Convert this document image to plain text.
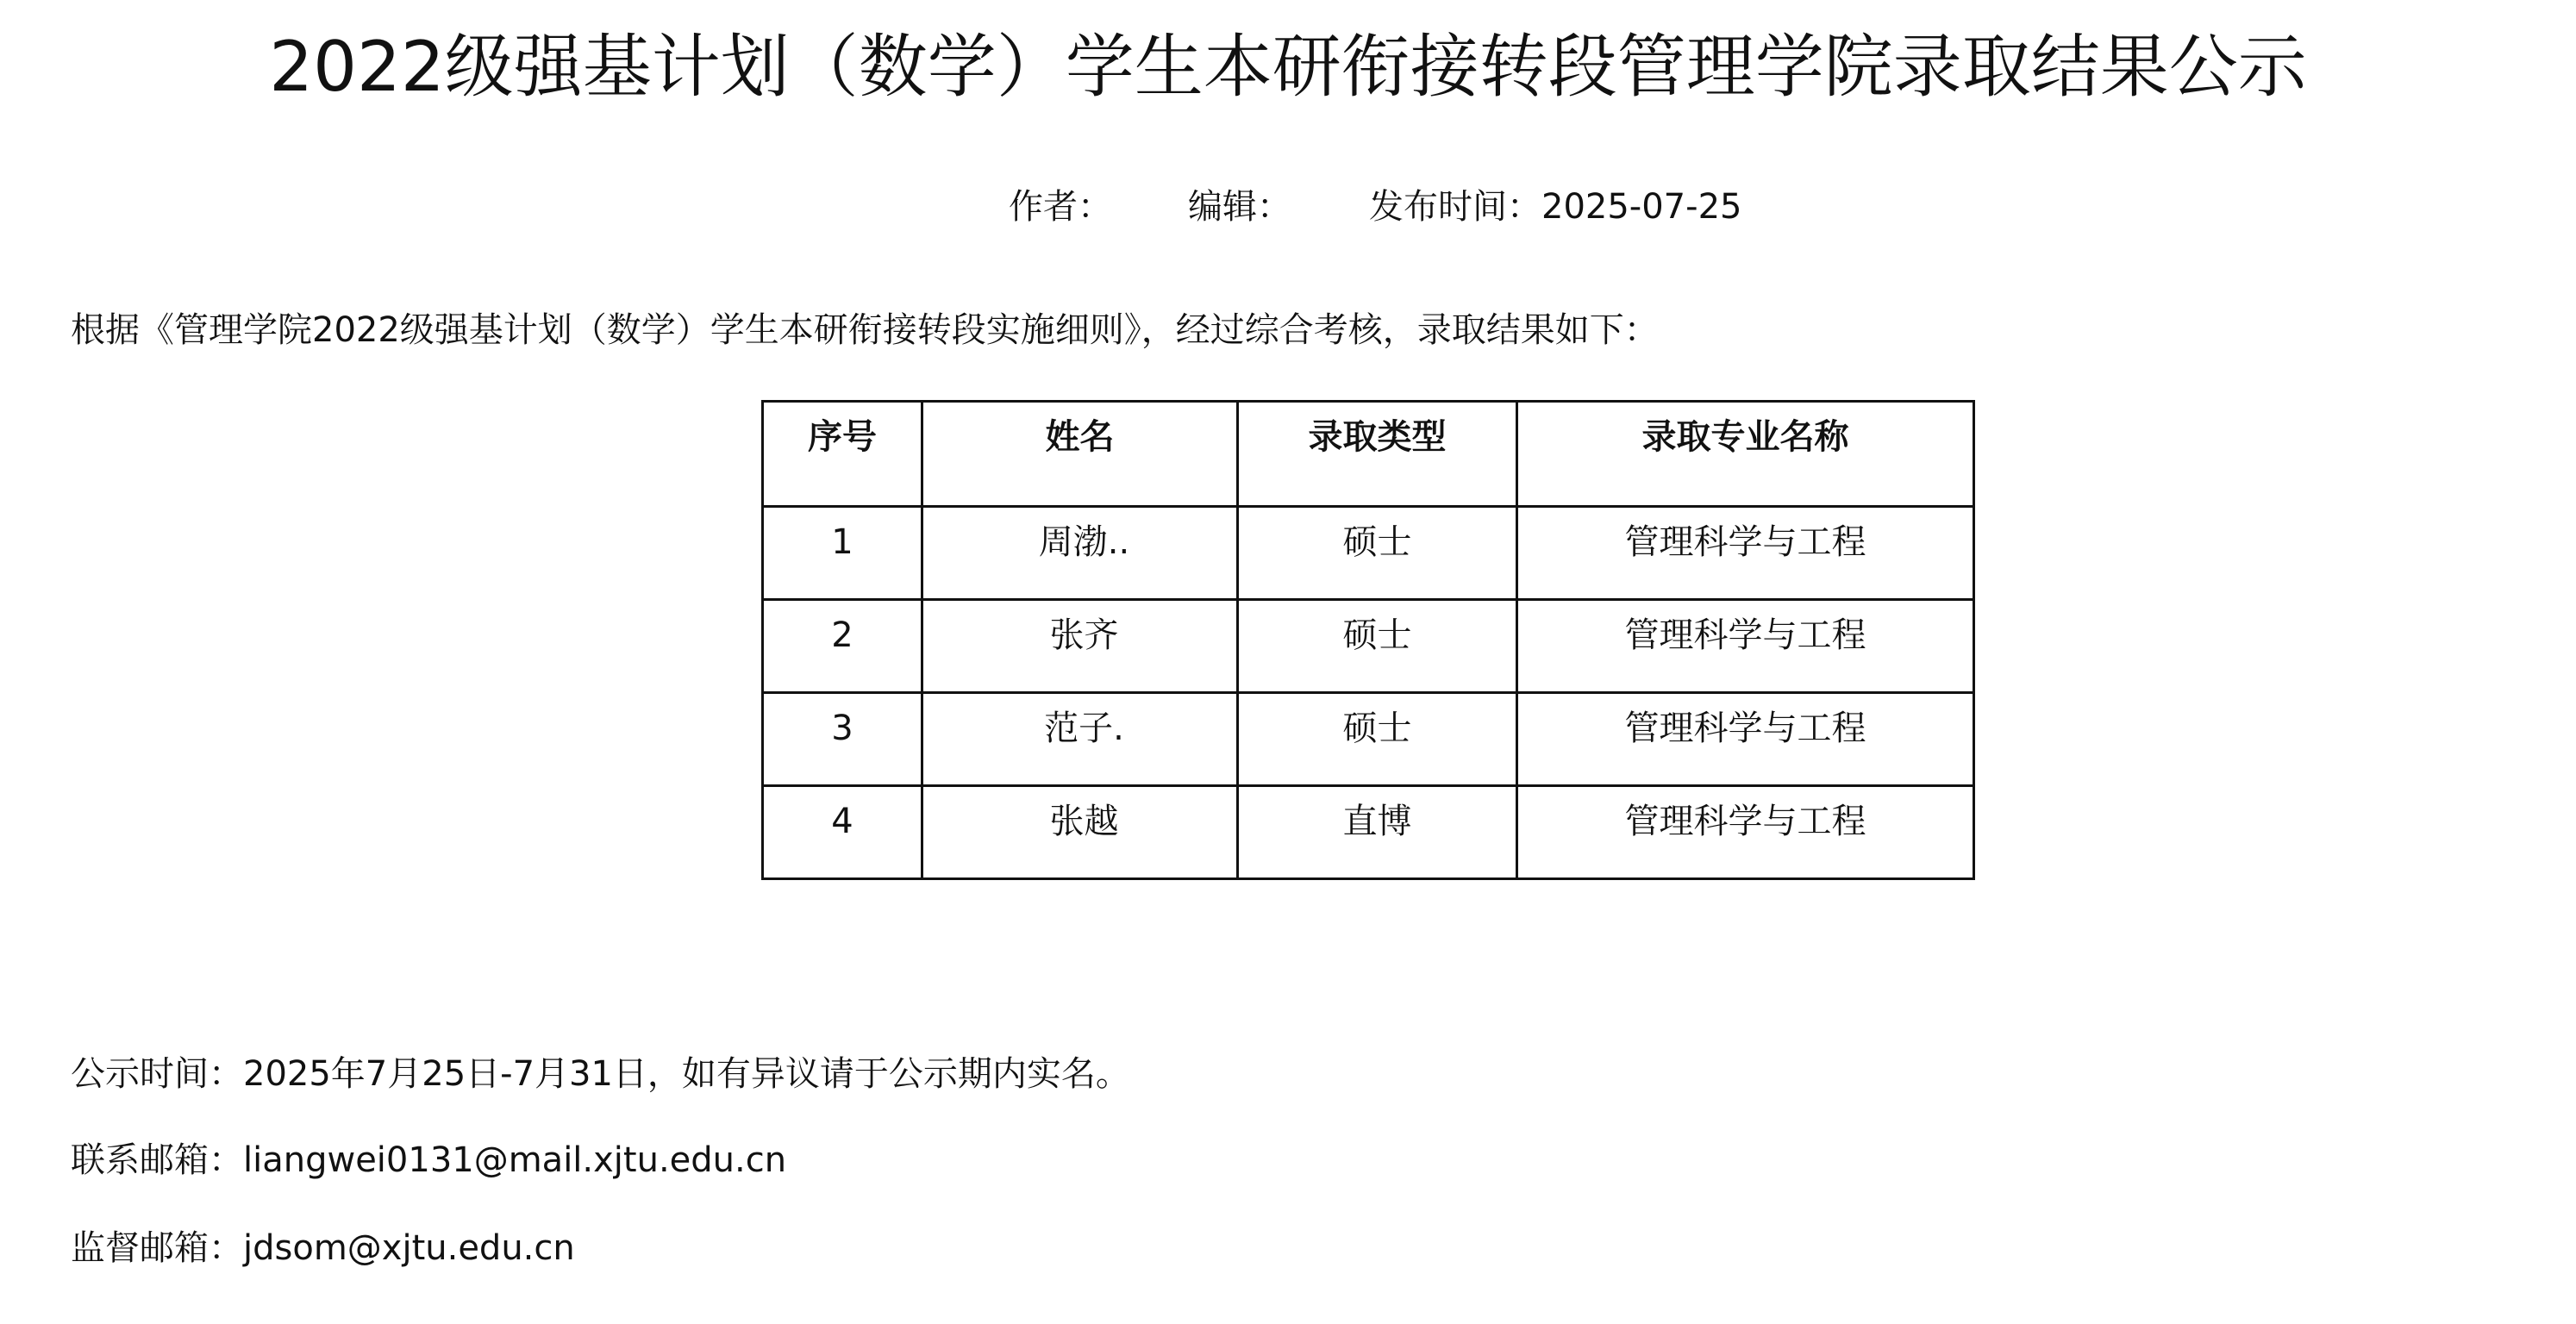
2022级强基计划（数学）学生本研衔接转段管理学院录取结果公示
作者： 编辑： 发布时间：2025-07-25
根据《管理学院2022级强基计划（数学）学生本研衔接转段实施细则》，经过综合考核，录取结果如下：
序号	姓名	录取类型	录取专业名称
1	周渤..	硕士	管理科学与工程
2	张齐	硕士	管理科学与工程
3	范子.	硕士	管理科学与工程
4	张越	直博	管理科学与工程
公示时间：2025年7月25日-7月31日，如有异议请于公示期内实名。
联系邮箱：liangwei0131@mail.xjtu.edu.cn
监督邮箱：jdsom@xjtu.edu.cn
